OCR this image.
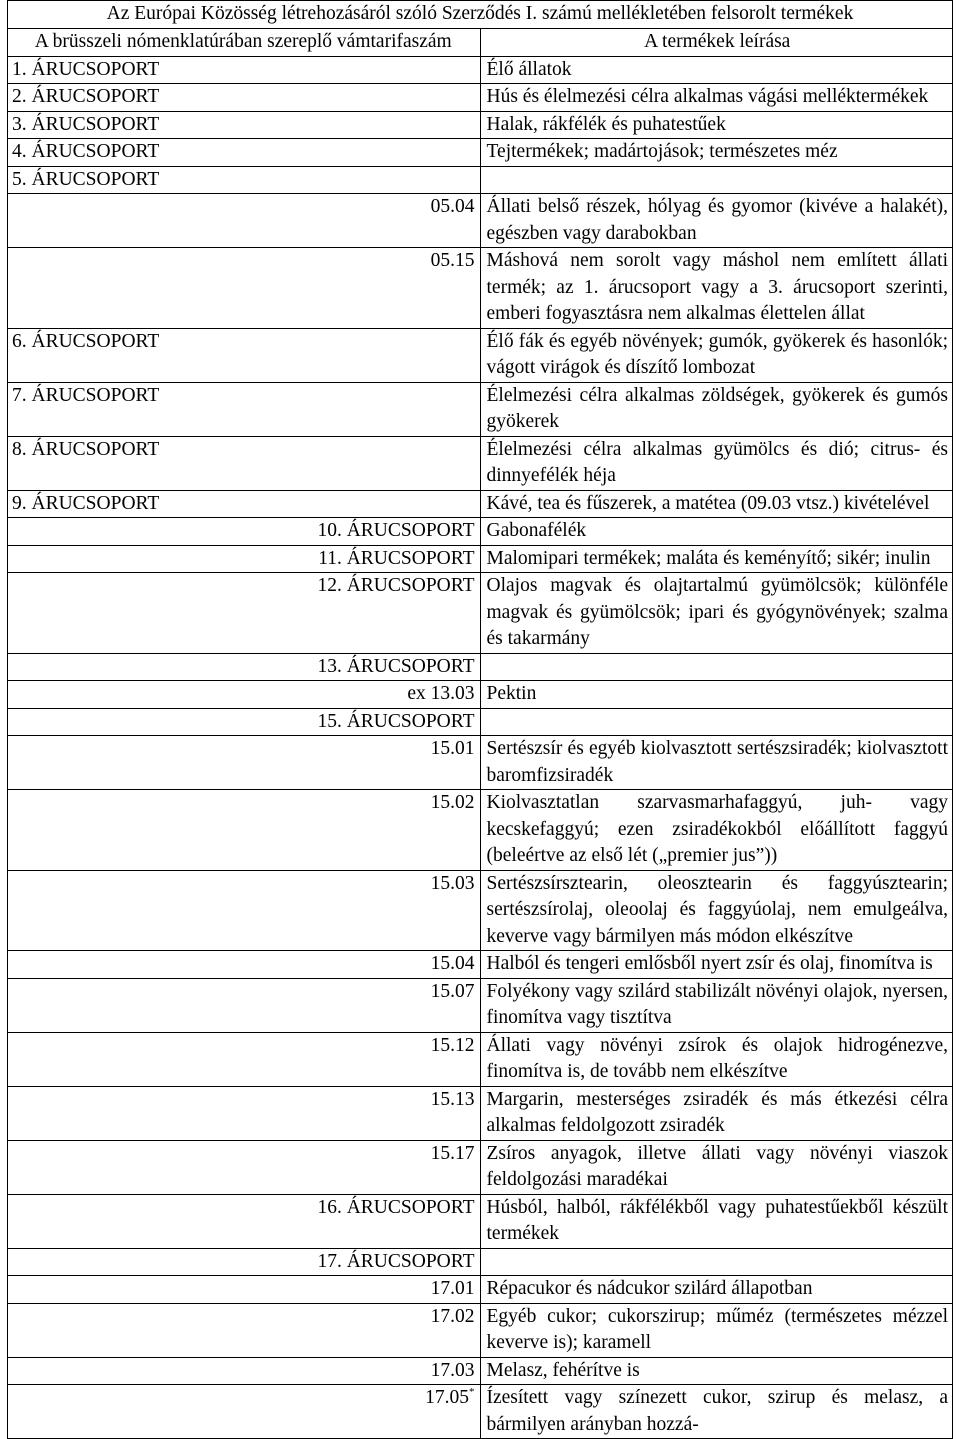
Az Európai Közösség létrehozásáról szóló Szerződés I. számú mellékletében felsorolt termékek	
A brüsszeli nómenklatúrában szereplő vámtarifaszám	A termékek leírása
1. ÁRUCSOPORT	Élő állatok
2. ÁRUCSOPORT	Hús és élelmezési célra alkalmas vágási melléktermékek
3. ÁRUCSOPORT	Halak, rákfélék és puhatestűek
4. ÁRUCSOPORT	Tejtermékek; madártojások; természetes méz
5. ÁRUCSOPORT	
05.04	Állati belső részek, hólyag és gyomor (kivéve a halakét), egészben vagy darabokban
05.15	Máshová nem sorolt vagy máshol nem említett állati termék; az 1. árucsoport vagy a 3. árucsoport szerinti, emberi fogyasztásra nem alkalmas élettelen állat
6. ÁRUCSOPORT	Élő fák és egyéb növények; gumók, gyökerek és hasonlók; vágott virágok és díszítő lombozat
7. ÁRUCSOPORT	Élelmezési célra alkalmas zöldségek, gyökerek és gumós gyökerek
8. ÁRUCSOPORT	Élelmezési célra alkalmas gyümölcs és dió; citrus- és dinnyefélék héja
9. ÁRUCSOPORT	Kávé, tea és fűszerek, a matétea (09.03 vtsz.) kivételével
10. ÁRUCSOPORT	Gabonafélék
11. ÁRUCSOPORT	Malomipari termékek; maláta és keményítő; sikér; inulin
12. ÁRUCSOPORT	Olajos magvak és olajtartalmú gyümölcsök; különféle magvak és gyümölcsök; ipari és gyógynövények; szalma és takarmány
13. ÁRUCSOPORT	
ex 13.03	Pektin
15. ÁRUCSOPORT	
15.01	Sertészsír és egyéb kiolvasztott sertészsiradék; kiolvasztott baromfizsiradék
15.02	Kiolvasztatlan szarvasmarhafaggyú, juh- vagy kecskefaggyú; ezen zsiradékokból előállított faggyú (beleértve az első lét („premier jus”))
15.03	Sertészsírsztearin, oleosztearin és faggyúsztearin; sertészsírolaj, oleoolaj és faggyúolaj, nem emulgeálva, keverve vagy bármilyen más módon elkészítve
15.04	Halból és tengeri emlősből nyert zsír és olaj, finomítva is
15.07	Folyékony vagy szilárd stabilizált növényi olajok, nyersen, finomítva vagy tisztítva
15.12	Állati vagy növényi zsírok és olajok hidrogénezve, finomítva is, de tovább nem elkészítve
15.13	Margarin, mesterséges zsiradék és más étkezési célra alkalmas feldolgozott zsiradék
15.17	Zsíros anyagok, illetve állati vagy növényi viaszok feldolgozási maradékai
16. ÁRUCSOPORT	Húsból, halból, rákfélékből vagy puhatestűekből készült termékek
17. ÁRUCSOPORT	
17.01	Répacukor és nádcukor szilárd állapotban
17.02	Egyéb cukor; cukorszirup; műméz (természetes mézzel keverve is); karamell
17.03	Melasz, fehérítve is
17.05*	Ízesített vagy színezett cukor, szirup és melasz, a bármilyen arányban hozzá-
